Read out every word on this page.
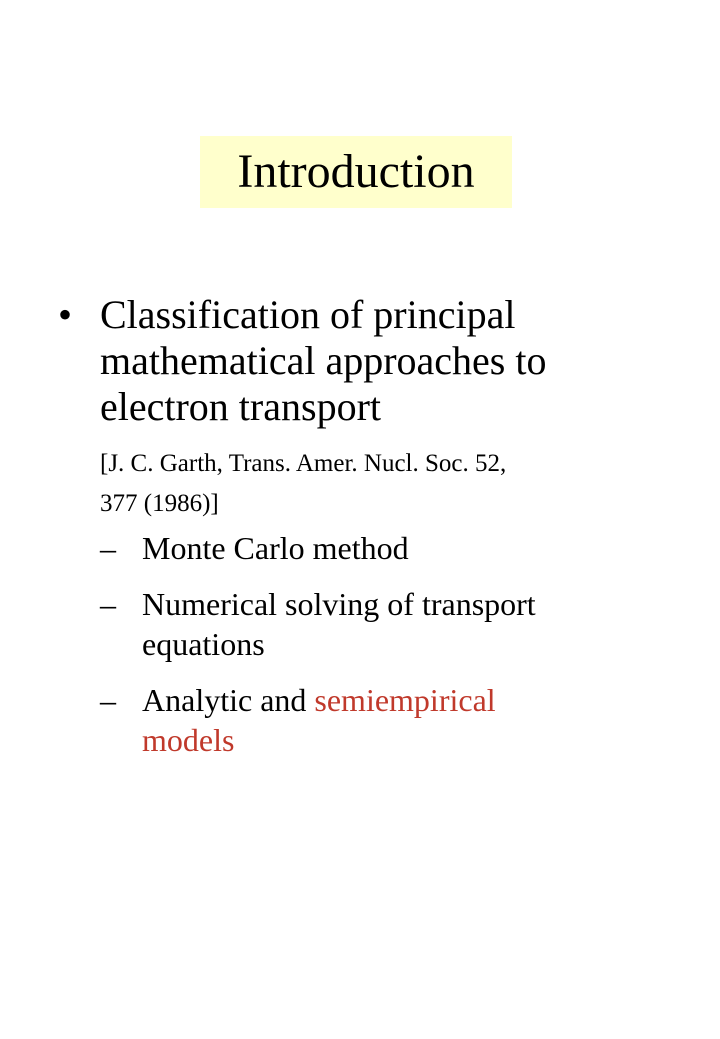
Introduction
• Classification of principal
mathematical approaches to
electron transport
[J. C. Garth, Trans. Amer. Nucl. Soc. 52,
377 (1986)]
– Monte Carlo method
– Numerical solving of transport
equations
– Analytic and semiempirical
models
